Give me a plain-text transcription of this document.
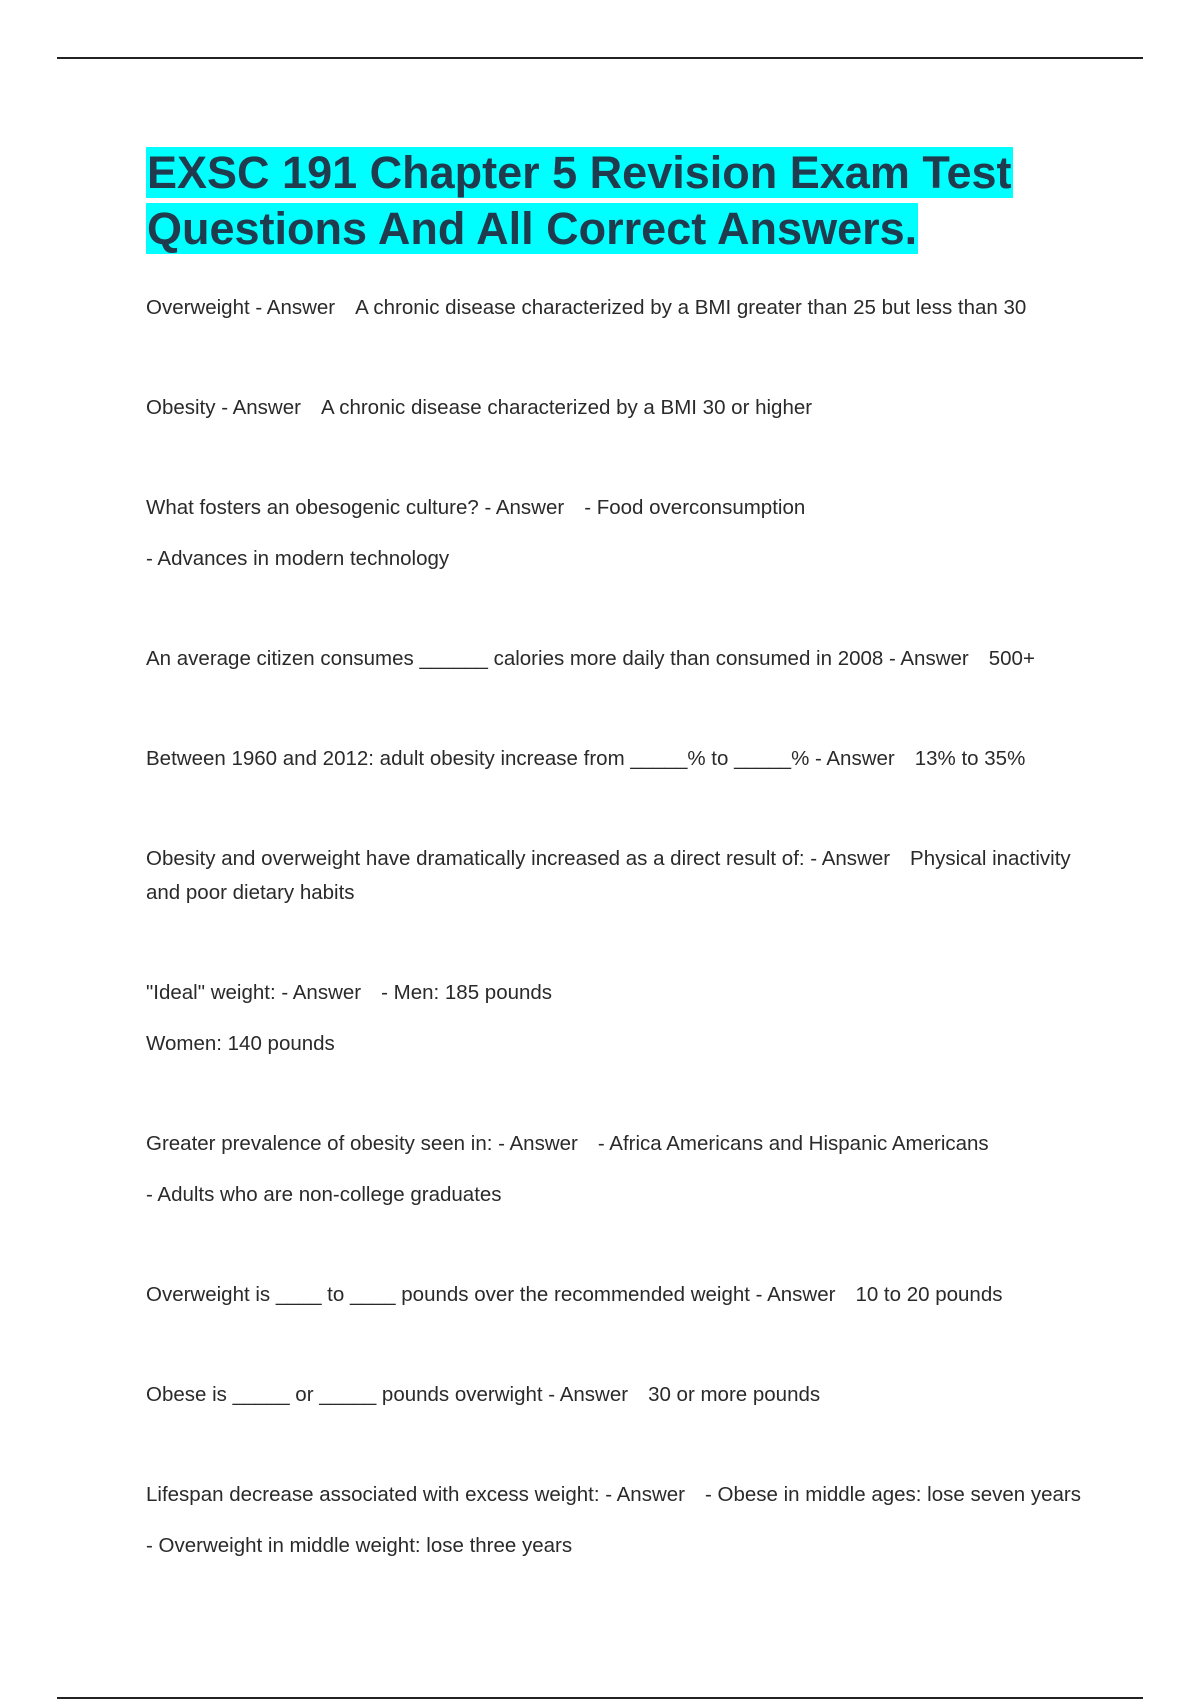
EXSC 191 Chapter 5 Revision Exam Test Questions And All Correct Answers.

Overweight - Answer A chronic disease characterized by a BMI greater than 25 but less than 30

Obesity - Answer A chronic disease characterized by a BMI 30 or higher

What fosters an obesogenic culture? - Answer - Food overconsumption

- Advances in modern technology

An average citizen consumes ______ calories more daily than consumed in 2008 - Answer 500+

Between 1960 and 2012: adult obesity increase from _____% to _____% - Answer 13% to 35%

Obesity and overweight have dramatically increased as a direct result of: - Answer Physical inactivity and poor dietary habits

"Ideal" weight: - Answer - Men: 185 pounds

Women: 140 pounds

Greater prevalence of obesity seen in: - Answer - Africa Americans and Hispanic Americans

- Adults who are non-college graduates

Overweight is ____ to ____ pounds over the recommended weight - Answer 10 to 20 pounds

Obese is _____ or _____ pounds overwight - Answer 30 or more pounds

Lifespan decrease associated with excess weight: - Answer - Obese in middle ages: lose seven years

- Overweight in middle weight: lose three years
